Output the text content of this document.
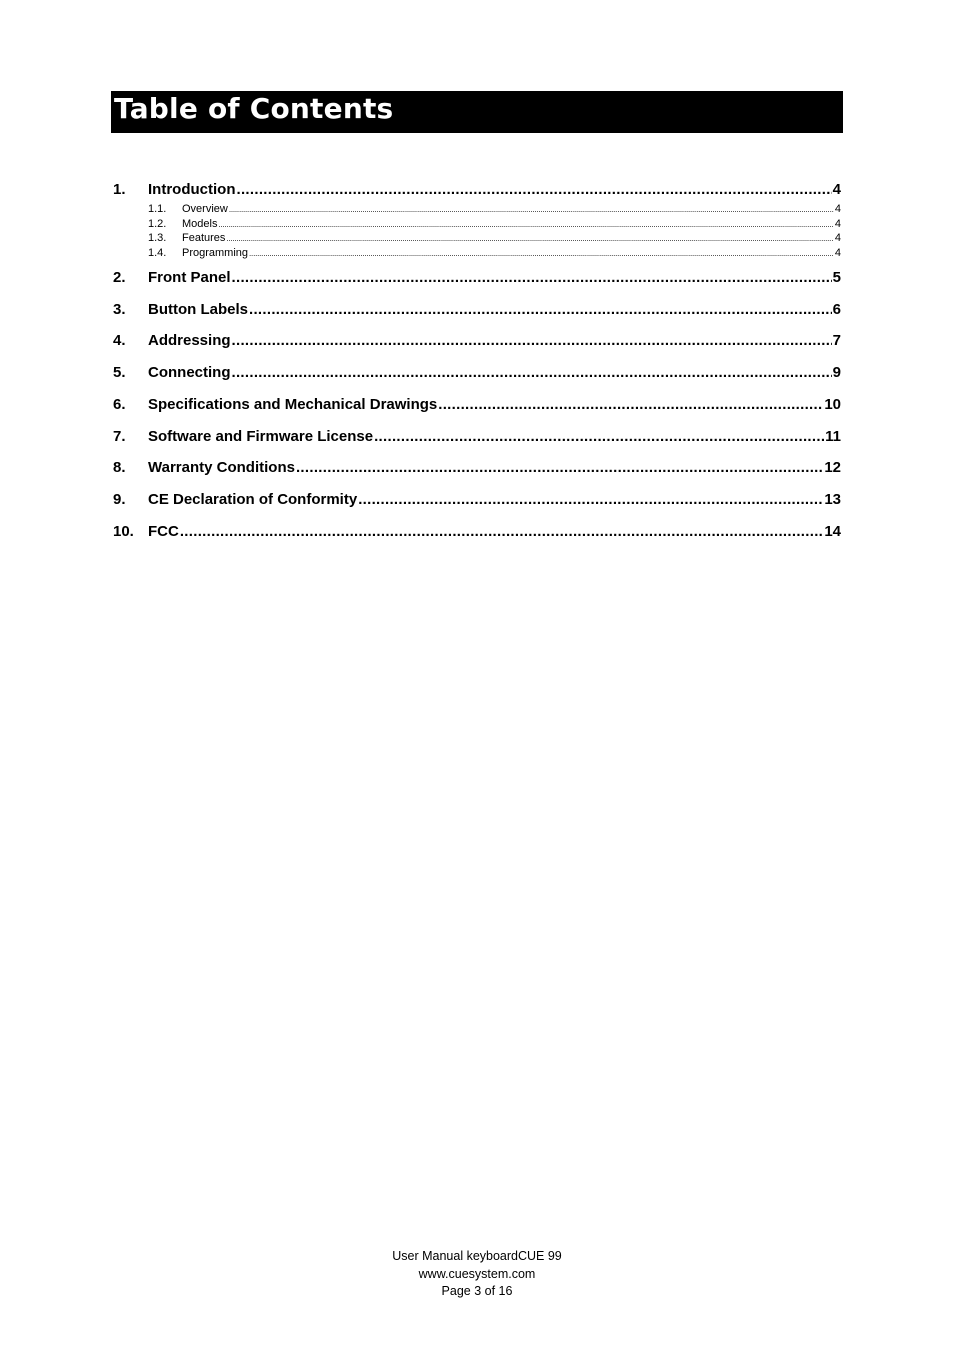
Table of Contents
1.	Introduction .....	4
1.1.	Overview .....	4
1.2.	Models .....	4
1.3.	Features .....	4
1.4.	Programming .....	4
2.	Front Panel .....	5
3.	Button Labels .....	6
4.	Addressing .....	7
5.	Connecting .....	9
6.	Specifications and Mechanical Drawings .....	10
7.	Software and Firmware License .....	11
8.	Warranty Conditions .....	12
9.	CE Declaration of Conformity .....	13
10. FCC .....	14
User Manual keyboardCUE 99
www.cuesystem.com
Page 3 of 16
